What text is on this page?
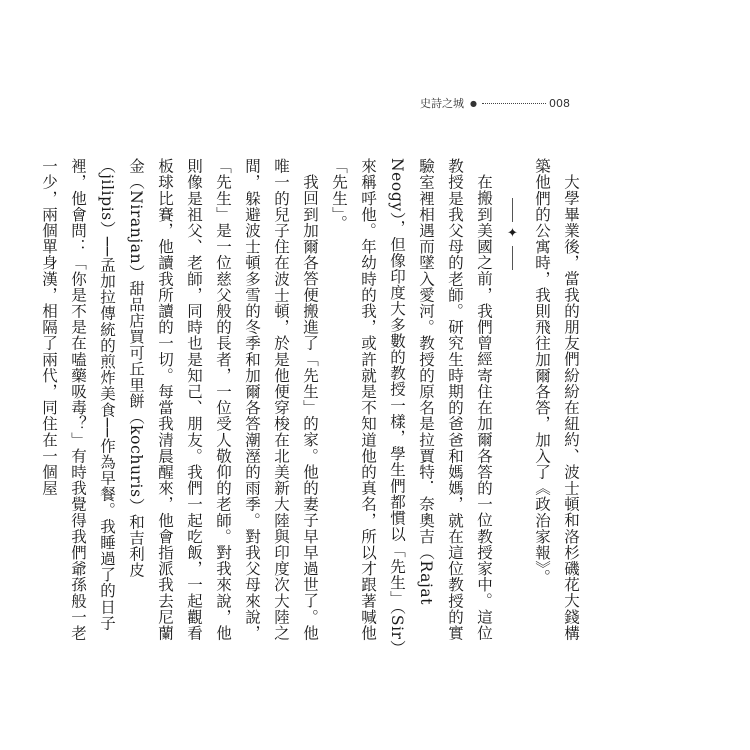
史詩之城 ●	008

大學畢業後，當我的朋友們紛紛在紐約、波士頓和洛杉磯花大錢構築他們的公寓時，我則飛往加爾各答，加入了《政治家報》。

✦

在搬到美國之前，我們曾經寄住在加爾各答的一位教授家中。這位教授是我父母的老師。研究生時期的爸爸和媽媽，就在這位教授的實驗室裡相遇而墜入愛河。教授的原名是拉賈特．奈奧吉（Rajat Neogy），但像印度大多數的教授一樣，學生們都慣以「先生」（Sir）來稱呼他。年幼時的我，或許就是不知道他的真名，所以才跟著喊他「先生」。

我回到加爾各答便搬進了「先生」的家。他的妻子早早過世了。他唯一的兒子住在波士頓，於是他便穿梭在北美新大陸與印度次大陸之間，躲避波士頓多雪的冬季和加爾各答潮溼的雨季。對我父母來說，「先生」是一位慈父般的長者，一位受人敬仰的老師。對我來說，他則像是祖父、老師，同時也是知己、朋友。我們一起吃飯，一起觀看板球比賽，他讀我所讀的一切。每當我清晨醒來，他會指派我去尼蘭金（Niranjan）甜品店買可丘里餅（kochuris）和吉利皮（jilipis）──孟加拉傳統的煎炸美食──作為早餐。我睡過了的日子裡，他會問：「你是不是在嗑藥吸毒？」有時我覺得我們爺孫般一老一少，兩個單身漢，相隔了兩代，同住在一個屋
